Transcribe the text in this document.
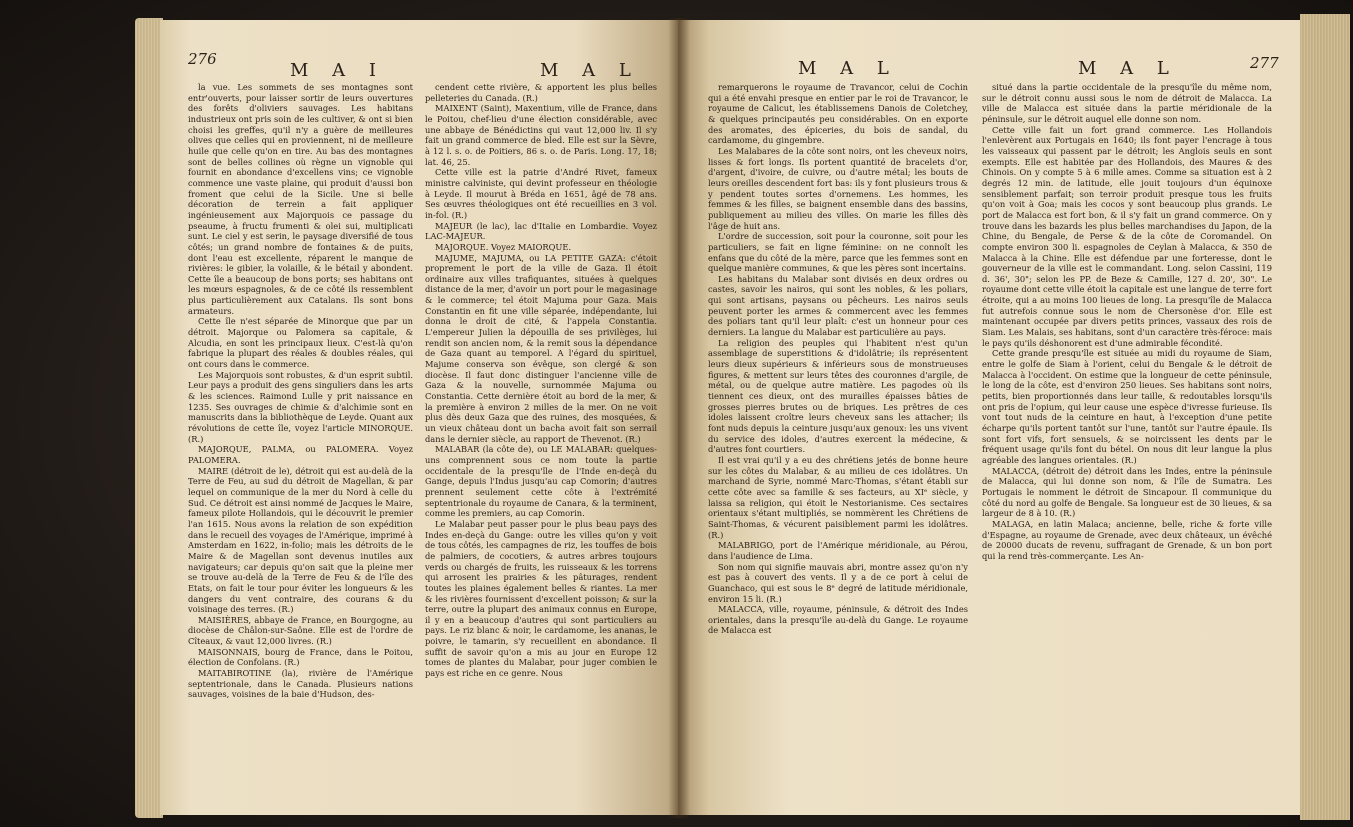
276
M A I	M A L

la vue. Les sommets de ses montagnes sont entr'ouverts, pour laisser sortir de leurs ouvertures des forêts d'oliviers sauvages. Les habitans industrieux ont pris soin de les cultiver, & ont si bien choisi les greffes, qu'il n'y a guère de meilleures olives que celles qui en proviennent, ni de meilleure huile que celle qu'on en tire. Au bas des montagnes sont de belles collines où règne un vignoble qui fournit en abondance d'excellens vins; ce vignoble commence une vaste plaine, qui produit d'aussi bon froment que celui de la Sicile. Une si belle décoration de terrein a fait appliquer ingénieusement aux Majorquois ce passage du pseaume, à fructu frumenti & olei sui, multiplicati sunt. Le ciel y est serin, le paysage diversifié de tous côtés; un grand nombre de fontaines & de puits, dont l'eau est excellente, réparent le manque de rivières: le gibier, la volaille, & le bétail y abondent. Cette île a beaucoup de bons ports; ses habitans ont les mœurs espagnoles, & de ce côté ils ressemblent plus particulièrement aux Catalans. Ils sont bons armateurs.

Cette île n'est séparée de Minorque que par un détroit. Majorque ou Palomera sa capitale, & Alcudia, en sont les principaux lieux. C'est-là qu'on fabrique la plupart des réales & doubles réales, qui ont cours dans le commerce.

Les Majorquois sont robustes, & d'un esprit subtil. Leur pays a produit des gens singuliers dans les arts & les sciences. Raimond Lulle y prit naissance en 1235. Ses ouvrages de chimie & d'alchimie sont en manuscrits dans la bibliothèque de Leyde. Quant aux révolutions de cette île, voyez l'article MINORQUE. (R.)

MAJORQUE, PALMA, ou PALOMERA. Voyez PALOMERA.

MAIRE (détroit de le), détroit qui est au-delà de la Terre de Feu, au sud du détroit de Magellan, & par lequel on communique de la mer du Nord à celle du Sud. Ce détroit est ainsi nommé de Jacques le Maire, fameux pilote Hollandois, qui le découvrit le premier l'an 1615. Nous avons la relation de son expédition dans le recueil des voyages de l'Amérique, imprimé à Amsterdam en 1622, in-folio; mais les détroits de le Maire & de Magellan sont devenus inutiles aux navigateurs; car depuis qu'on sait que la pleine mer se trouve au-delà de la Terre de Feu & de l'île des Etats, on fait le tour pour éviter les longueurs & les dangers du vent contraire, des courans & du voisinage des terres. (R.)

MAISIÈRES, abbaye de France, en Bourgogne, au diocèse de Châlon-sur-Saône. Elle est de l'ordre de Cîteaux, & vaut 12,000 livres. (R.)

MAISONNAIS, bourg de France, dans le Poitou, élection de Confolans. (R.)

MAITABIROTINE (la), rivière de l'Amérique septentrionale, dans le Canada. Plusieurs nations sauvages, voisines de la baie d'Hudson, des-

cendent cette rivière, & apportent les plus belles pelleteries du Canada. (R.)

MAIXENT (Saint), Maxentium, ville de France, dans le Poitou, chef-lieu d'une élection considérable, avec une abbaye de Bénédictins qui vaut 12,000 liv. Il s'y fait un grand commerce de bled. Elle est sur la Sèvre, à 12 l. s. o. de Poitiers, 86 s. o. de Paris. Long. 17, 18; lat. 46, 25.

Cette ville est la patrie d'André Rivet, fameux ministre calviniste, qui devint professeur en théologie à Leyde. Il mourut à Bréda en 1651, âgé de 78 ans. Ses œuvres théologiques ont été recueillies en 3 vol. in-fol. (R.)

MAJEUR (le lac), lac d'Italie en Lombardie. Voyez LAC-MAJEUR.

MAJORQUE. Voyez MAIORQUE.

MAJUME, MAJUMA, ou LA PETITE GAZA: c'étoit proprement le port de la ville de Gaza. Il étoit ordinaire aux villes trafiquantes, situées à quelques distance de la mer, d'avoir un port pour le magasinage & le commerce; tel étoit Majuma pour Gaza. Mais Constantin en fit une ville séparée, indépendante, lui donna le droit de cité, & l'appela Constantia. L'empereur Julien la dépouilla de ses privilèges, lui rendit son ancien nom, & la remit sous la dépendance de Gaza quant au temporel. A l'égard du spirituel, Majume conserva son évêque, son clergé & son diocèse. Il faut donc distinguer l'ancienne ville de Gaza & la nouvelle, surnommée Majuma ou Constantia. Cette dernière étoit au bord de la mer, & la première à environ 2 milles de la mer. On ne voit plus dès deux Gaza que des ruines, des mosquées, & un vieux château dont un bacha avoit fait son serrail dans le dernier siècle, au rapport de Thevenot. (R.)

MALABAR (la côte de), ou LE MALABAR: quelques-uns comprennent sous ce nom toute la partie occidentale de la presqu'île de l'Inde en-deçà du Gange, depuis l'Indus jusqu'au cap Comorin; d'autres prennent seulement cette côte à l'extrémité septentrionale du royaume de Canara, & la terminent, comme les premiers, au cap Comorin.

Le Malabar peut passer pour le plus beau pays des Indes en-deçà du Gange: outre les villes qu'on y voit de tous côtés, les campagnes de riz, les touffes de bois de palmiers, de cocotiers, & autres arbres toujours verds ou chargés de fruits, les ruisseaux & les torrens qui arrosent les prairies & les pâturages, rendent toutes les plaines également belles & riantes. La mer & les rivières fournissent d'excellent poisson; & sur la terre, outre la plupart des animaux connus en Europe, il y en a beaucoup d'autres qui sont particuliers au pays. Le riz blanc & noir, le cardamome, les ananas, le poivre, le tamarin, s'y recueillent en abondance. Il suffit de savoir qu'on a mis au jour en Europe 12 tomes de plantes du Malabar, pour juger combien le pays est riche en ce genre. Nous

M A L	M A L	277

remarquerons le royaume de Travancor, celui de Cochin qui a été envahi presque en entier par le roi de Travancor, le royaume de Calicut, les établissemens Danois de Coletchey, & quelques principautés peu considérables. On en exporte des aromates, des épiceries, du bois de sandal, du cardamome, du gingembre.

Les Malabares de la côte sont noirs, ont les cheveux noirs, lisses & fort longs. Ils portent quantité de bracelets d'or, d'argent, d'ivoire, de cuivre, ou d'autre métal; les bouts de leurs oreilles descendent fort bas: ils y font plusieurs trous & y pendent toutes sortes d'ornemens. Les hommes, les femmes & les filles, se baignent ensemble dans des bassins, publiquement au milieu des villes. On marie les filles dès l'âge de huit ans.

L'ordre de succession, soit pour la couronne, soit pour les particuliers, se fait en ligne féminine: on ne connoît les enfans que du côté de la mère, parce que les femmes sont en quelque manière communes, & que les pères sont incertains.

Les habitans du Malabar sont divisés en deux ordres ou castes, savoir les nairos, qui sont les nobles, & les poliars, qui sont artisans, paysans ou pêcheurs. Les nairos seuls peuvent porter les armes & commercent avec les femmes des poliars tant qu'il leur plaît: c'est un honneur pour ces derniers. La langue du Malabar est particulière au pays.

La religion des peuples qui l'habitent n'est qu'un assemblage de superstitions & d'idolâtrie; ils représentent leurs dieux supérieurs & inférieurs sous de monstrueuses figures, & mettent sur leurs têtes des couronnes d'argile, de métal, ou de quelque autre matière. Les pagodes où ils tiennent ces dieux, ont des murailles épaisses bâties de grosses pierres brutes ou de briques. Les prêtres de ces idoles laissent croître leurs cheveux sans les attacher; ils font nuds depuis la ceinture jusqu'aux genoux: les uns vivent du service des idoles, d'autres exercent la médecine, & d'autres font courtiers.

Il est vrai qu'il y a eu des chrétiens jetés de bonne heure sur les côtes du Malabar, & au milieu de ces idolâtres. Un marchand de Syrie, nommé Marc-Thomas, s'étant établi sur cette côte avec sa famille & ses facteurs, au XIᵉ siècle, y laissa sa religion, qui étoit le Nestorianisme. Ces sectaires orientaux s'étant multipliés, se nommèrent les Chrétiens de Saint-Thomas, & vécurent paisiblement parmi les idolâtres. (R.)

MALABRIGO, port de l'Amérique méridionale, au Pérou, dans l'audience de Lima.

Son nom qui signifie mauvais abri, montre assez qu'on n'y est pas à couvert des vents. Il y a de ce port à celui de Guanchaco, qui est sous le 8ᵉ degré de latitude méridionale, environ 15 li. (R.)

MALACCA, ville, royaume, péninsule, & détroit des Indes orientales, dans la presqu'île au-delà du Gange. Le royaume de Malacca est

situé dans la partie occidentale de la presqu'île du même nom, sur le détroit connu aussi sous le nom de détroit de Malacca. La ville de Malacca est située dans la partie méridionale de la péninsule, sur le détroit auquel elle donne son nom.

Cette ville fait un fort grand commerce. Les Hollandois l'enlevèrent aux Portugais en 1640; ils font payer l'encrage à tous les vaisseaux qui passent par le détroit; les Anglois seuls en sont exempts. Elle est habitée par des Hollandois, des Maures & des Chinois. On y compte 5 à 6 mille ames. Comme sa situation est à 2 degrés 12 min. de latitude, elle jouit toujours d'un équinoxe sensiblement parfait; son terroir produit presque tous les fruits qu'on voit à Goa; mais les cocos y sont beaucoup plus grands. Le port de Malacca est fort bon, & il s'y fait un grand commerce. On y trouve dans les bazards les plus belles marchandises du Japon, de la Chine, du Bengale, de Perse & de la côte de Coromandel. On compte environ 300 li. espagnoles de Ceylan à Malacca, & 350 de Malacca à la Chine. Elle est défendue par une forteresse, dont le gouverneur de la ville est le commandant. Long. selon Cassini, 119 d. 36', 30"; selon les PP. de Beze & Camille, 127 d. 20', 30". Le royaume dont cette ville étoit la capitale est une langue de terre fort étroite, qui a au moins 100 lieues de long. La presqu'île de Malacca fut autrefois connue sous le nom de Chersonèse d'or. Elle est maintenant occupée par divers petits princes, vassaux des rois de Siam. Les Malais, ses habitans, sont d'un caractère très-féroce: mais le pays qu'ils déshonorent est d'une admirable fécondité.

Cette grande presqu'île est située au midi du royaume de Siam, entre le golfe de Siam à l'orient, celui du Bengale & le détroit de Malacca à l'occident. On estime que la longueur de cette péninsule, le long de la côte, est d'environ 250 lieues. Ses habitans sont noirs, petits, bien proportionnés dans leur taille, & redoutables lorsqu'ils ont pris de l'opium, qui leur cause une espèce d'ivresse furieuse. Ils vont tout nuds de la ceinture en haut, à l'exception d'une petite écharpe qu'ils portent tantôt sur l'une, tantôt sur l'autre épaule. Ils sont fort vifs, fort sensuels, & se noircissent les dents par le fréquent usage qu'ils font du bétel. On nous dit leur langue la plus agréable des langues orientales. (R.)

MALACCA, (détroit de) détroit dans les Indes, entre la péninsule de Malacca, qui lui donne son nom, & l'île de Sumatra. Les Portugais le nomment le détroit de Sincapour. Il communique du côté du nord au golfe de Bengale. Sa longueur est de 30 lieues, & sa largeur de 8 à 10. (R.)

MALAGA, en latin Malaca; ancienne, belle, riche & forte ville d'Espagne, au royaume de Grenade, avec deux châteaux, un évêché de 20000 ducats de revenu, suffragant de Grenade, & un bon port qui la rend très-commerçante. Les An-
